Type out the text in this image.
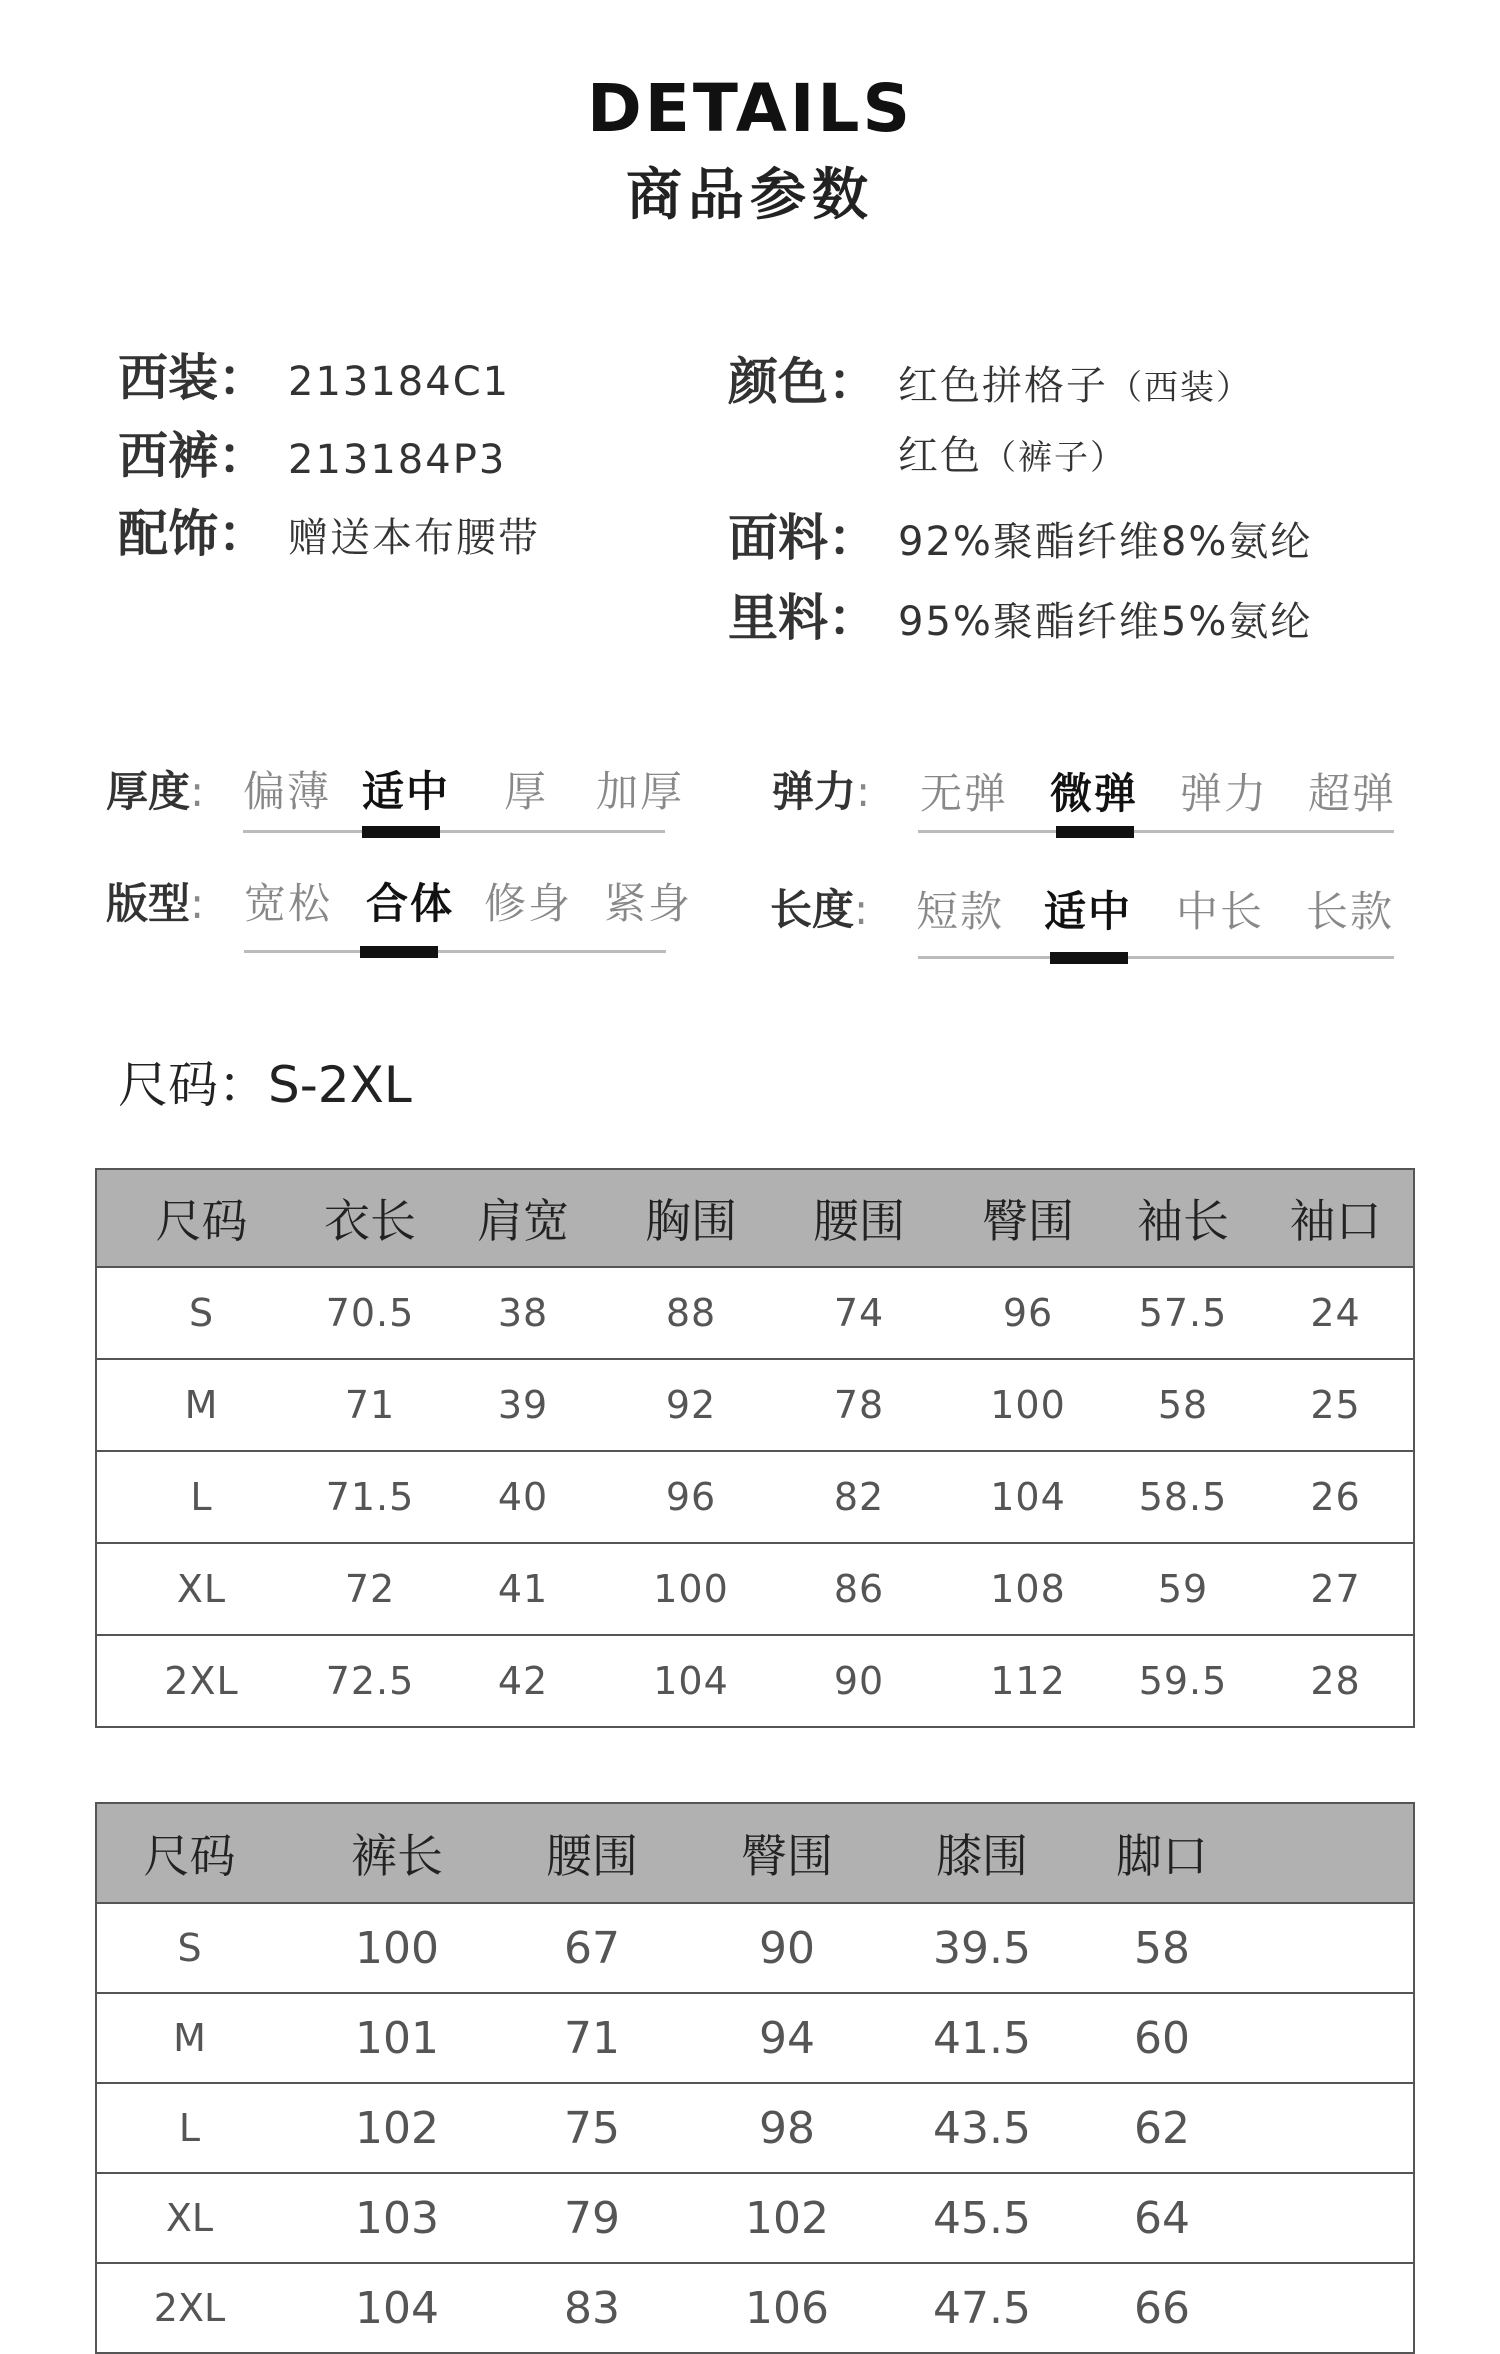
DETAILS
商品参数
西装： 213184C1
西裤： 213184P3
配饰： 赠送本布腰带
颜色： 红色拼格子（西装）
红色（裤子）
面料： 92%聚酯纤维8%氨纶
里料： 95%聚酯纤维5%氨纶
厚度: 偏薄 适中 厚 加厚 弹力: 无弹 微弹 弹力 超弹
版型: 宽松 合体 修身 紧身 长度: 短款 适中 中长 长款
尺码：S-2XL
尺码	衣长	肩宽	胸围	腰围	臀围	袖长	袖口
S	70.5	38	88	74	96	57.5	24
M	71	39	92	78	100	58	25
L	71.5	40	96	82	104	58.5	26
XL	72	41	100	86	108	59	27
2XL	72.5	42	104	90	112	59.5	28
尺码	裤长	腰围	臀围	膝围	脚口	
S	100	67	90	39.5	58	
M	101	71	94	41.5	60	
L	102	75	98	43.5	62	
XL	103	79	102	45.5	64	
2XL	104	83	106	47.5	66	
